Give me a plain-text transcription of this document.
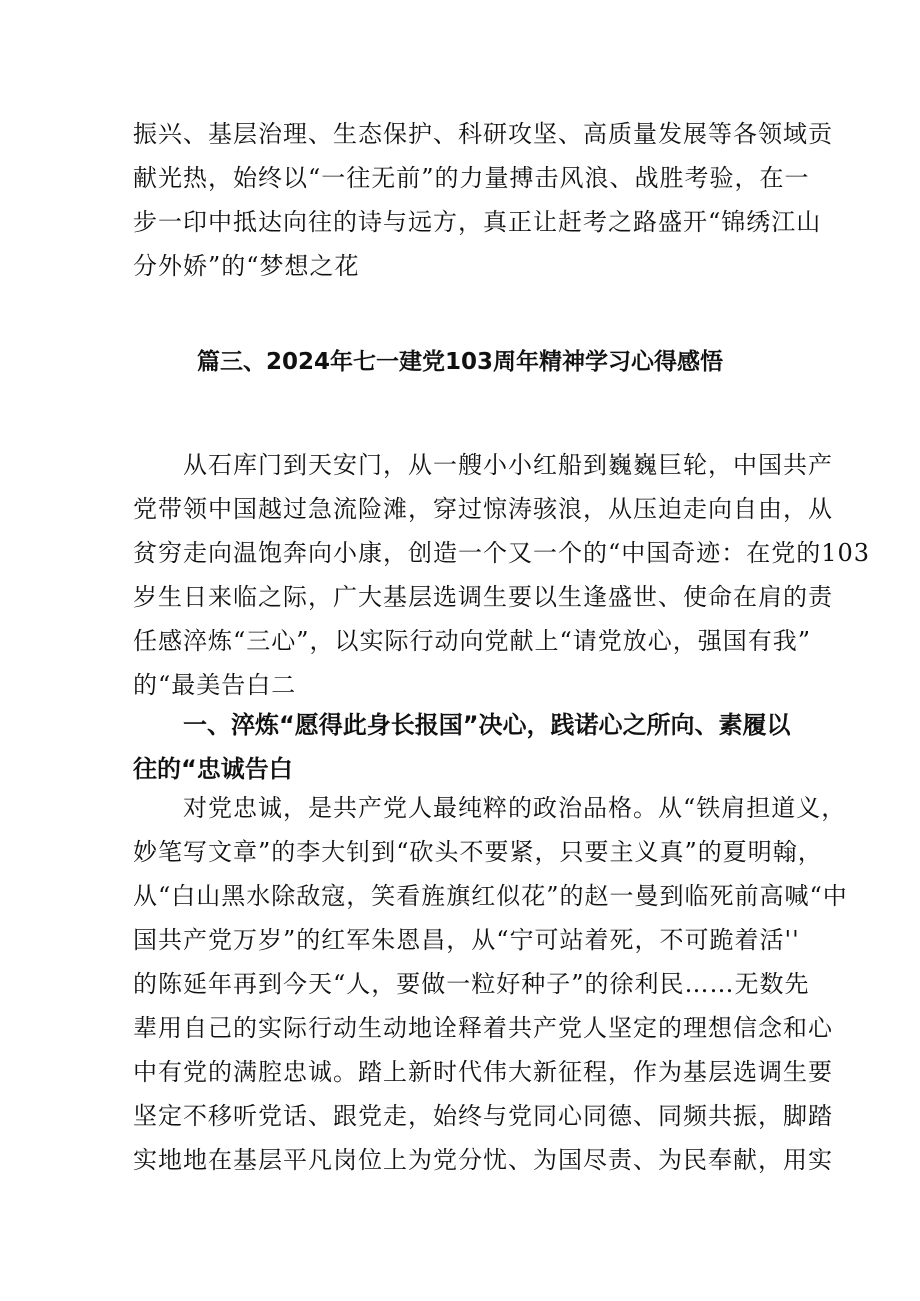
振兴、基层治理、生态保护、科研攻坚、高质量发展等各领域贡
献光热，始终以“一往无前”的力量搏击风浪、战胜考验，在一
步一印中抵达向往的诗与远方，真正让赶考之路盛开“锦绣江山
分外娇”的“梦想之花
篇三、2024年七一建党103周年精神学习心得感悟
从石库门到天安门，从一艘小小红船到巍巍巨轮，中国共产
党带领中国越过急流险滩，穿过惊涛骇浪，从压迫走向自由，从
贫穷走向温饱奔向小康，创造一个又一个的“中国奇迹：在党的103
岁生日来临之际，广大基层选调生要以生逢盛世、使命在肩的责
任感淬炼“三心”，以实际行动向党献上“请党放心，强国有我”
的“最美告白二
一、淬炼“愿得此身长报国”决心，践诺心之所向、素履以
往的“忠诚告白
对党忠诚，是共产党人最纯粹的政治品格。从“铁肩担道义，
妙笔写文章”的李大钊到“砍头不要紧，只要主义真”的夏明翰，
从“白山黑水除敌寇，笑看旌旗红似花”的赵一曼到临死前高喊“中
国共产党万岁”的红军朱恩昌，从“宁可站着死，不可跪着活''
的陈延年再到今天“人，要做一粒好种子”的徐利民……无数先
辈用自己的实际行动生动地诠释着共产党人坚定的理想信念和心
中有党的满腔忠诚。踏上新时代伟大新征程，作为基层选调生要
坚定不移听党话、跟党走，始终与党同心同德、同频共振，脚踏
实地地在基层平凡岗位上为党分忧、为国尽责、为民奉献，用实
